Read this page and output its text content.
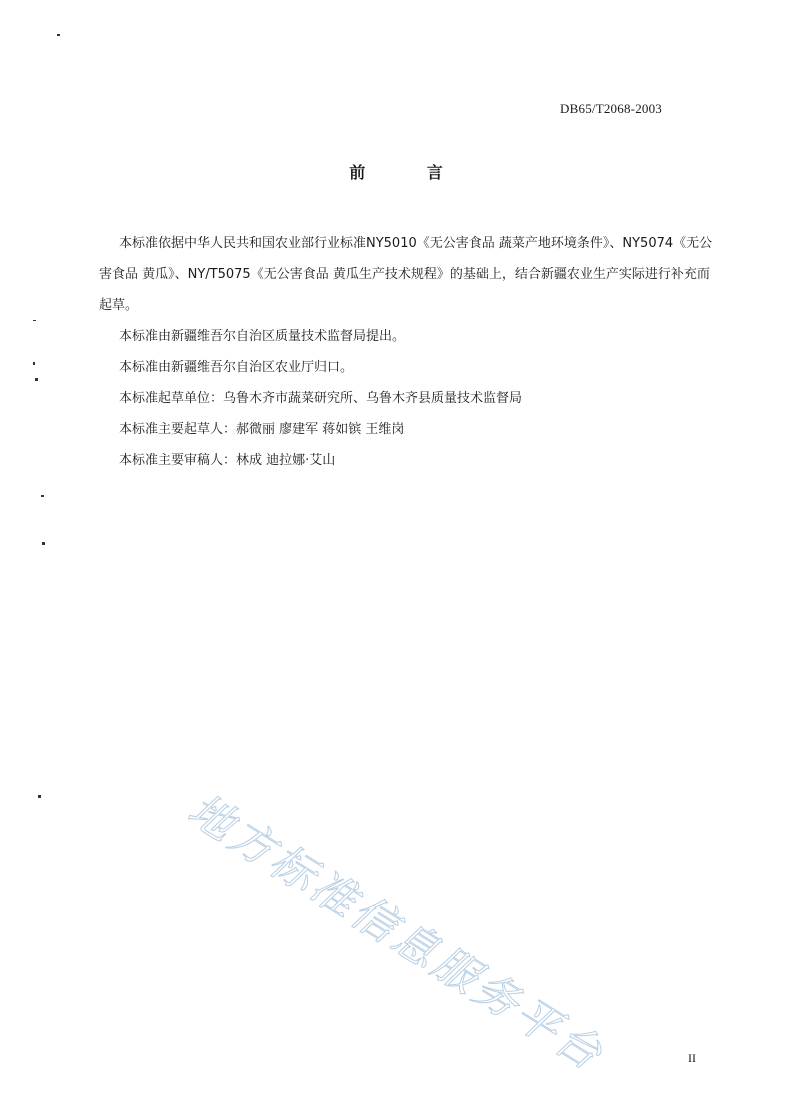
DB65/T2068-2003
前 言

本标准依据中华人民共和国农业部行业标准NY5010《无公害食品 蔬菜产地环境条件》、NY5074《无公害食品 黄瓜》、NY/T5075《无公害食品 黄瓜生产技术规程》的基础上，结合新疆农业生产实际进行补充而起草。

本标准由新疆维吾尔自治区质量技术监督局提出。

本标准由新疆维吾尔自治区农业厅归口。

本标准起草单位：乌鲁木齐市蔬菜研究所、乌鲁木齐县质量技术监督局

本标准主要起草人：郝微丽 廖建军 蒋如镔 王维岗

本标准主要审稿人：林成 迪拉娜·艾山

地方标准信息服务平台	II
